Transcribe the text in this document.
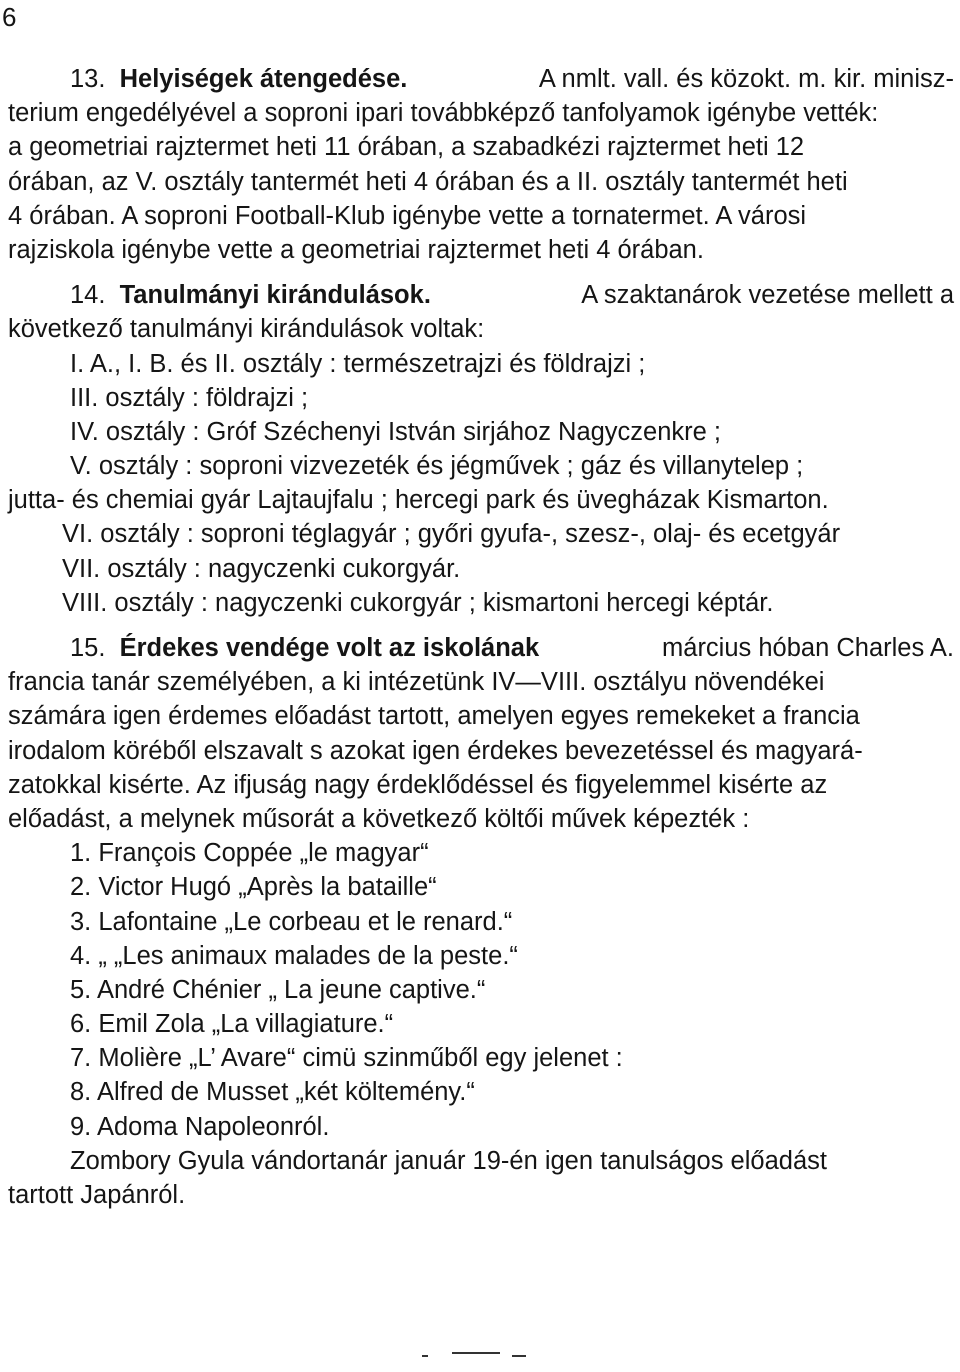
6
13. Helyiségek átengedése.	A nmlt. vall. és közokt. m. kir. minisz-
terium engedélyével a soproni ipari továbbképző tanfolyamok igénybe vették:
a geometriai rajztermet heti 11 órában, a szabadkézi rajztermet heti 12
órában, az V. osztály tantermét heti 4 órában és a II. osztály tantermét heti
4 órában. A soproni Football-Klub igénybe vette a tornatermet. A városi
rajziskola igénybe vette a geometriai rajztermet heti 4 órában.
14. Tanulmányi kirándulások.	A szaktanárok vezetése mellett a
következő tanulmányi kirándulások voltak:
I. A., I. B. és II. osztály : természetrajzi és földrajzi ;
III. osztály : földrajzi ;
IV. osztály : Gróf Széchenyi István sirjához Nagyczenkre ;
V. osztály : soproni vizvezeték és jégművek ; gáz és villanytelep ;
jutta- és chemiai gyár Lajtaujfalu ; hercegi park és üvegházak Kismarton.
VI. osztály : soproni téglagyár ; győri gyufa-, szesz-, olaj- és ecetgyár
VII. osztály : nagyczenki cukorgyár.
VIII. osztály : nagyczenki cukorgyár ; kismartoni hercegi képtár.
15. Érdekes vendége volt az iskolának	március hóban Charles A.
francia tanár személyében, a ki intézetünk IV—VIII. osztályu növendékei
számára igen érdemes előadást tartott, amelyen egyes remekeket a francia
irodalom köréből elszavalt s azokat igen érdekes bevezetéssel és magyará-
zatokkal kisérte. Az ifjuság nagy érdeklődéssel és figyelemmel kisérte az
előadást, a melynek műsorát a következő költői művek képezték :
1. François Coppée „le magyar“
2. Victor Hugó „Après la bataille“
3. Lafontaine „Le corbeau et le renard.“
4. „ „Les animaux malades de la peste.“
5. André Chénier „ La jeune captive.“
6. Emil Zola „La villagiature.“
7. Molière „L’ Avare“ cimü szinműből egy jelenet :
8. Alfred de Musset „két költemény.“
9. Adoma Napoleonról.
Zombory Gyula vándortanár január 19-én igen tanulságos előadást
tartott Japánról.
